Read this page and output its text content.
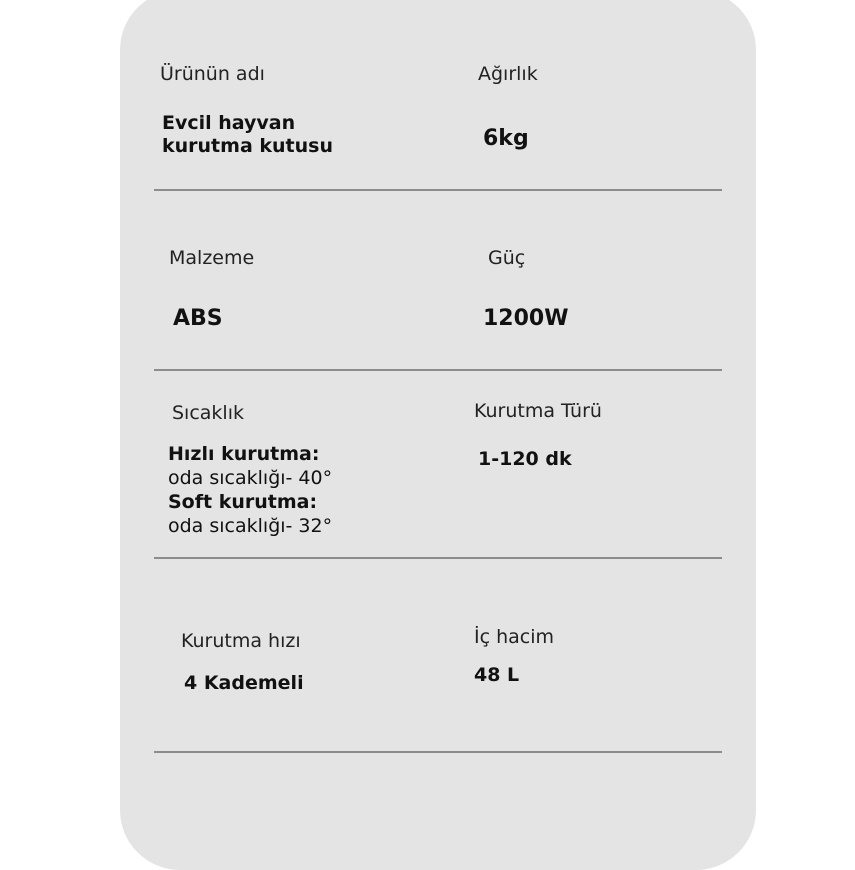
Ürünün adı
Evcil hayvan
kurutma kutusu
Ağırlık
6kg
Malzeme
ABS
Güç
1200W
Sıcaklık
Hızlı kurutma:
oda sıcaklığı- 40°
Soft kurutma:
oda sıcaklığı- 32°
Kurutma Türü
1-120 dk
Kurutma hızı
4 Kademeli
İç hacim
48 L
